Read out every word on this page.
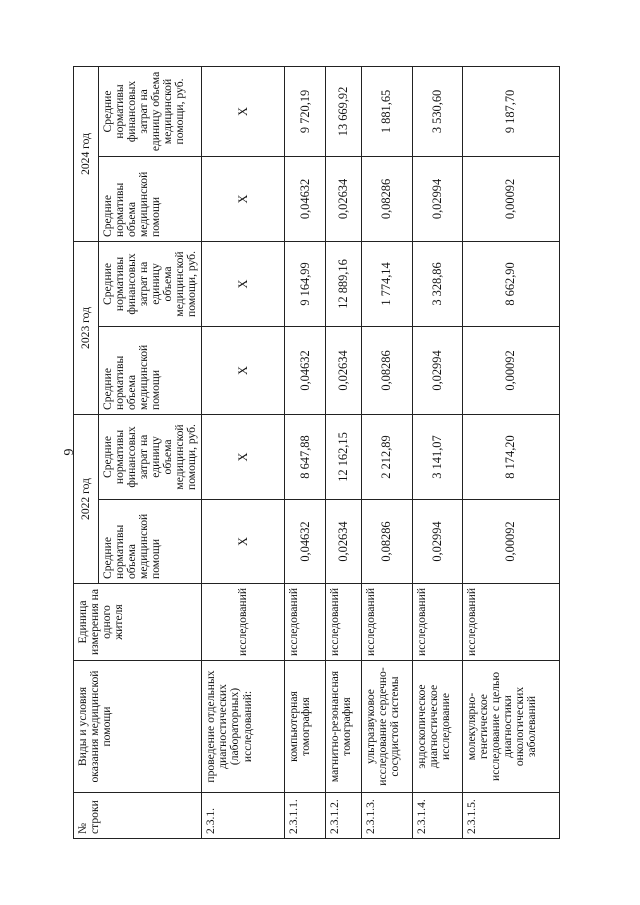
6
№ строки	Виды и условия оказания медицинской помощи	Единица измерения на одного жителя	2022 год		2023 год		2024 год	
			Средние нормативы объема медицинской помощи	Средние нормативы финансовых затрат на единицу объема медицинской помощи, руб.	Средние нормативы объема медицинской помощи	Средние нормативы финансовых затрат на единицу объема медицинской помощи, руб.	Средние нормативы объема медицинской помощи	Средние нормативы финансовых затрат на единицу объема медицинской помощи, руб.
2.3.1.	проведение отдельных диагностических (лабораторных) исследований:	исследований	Х	Х	Х	Х	Х	Х
2.3.1.1.	компьютерная томография	исследований	0,04632	8 647,88	0,04632	9 164,99	0,04632	9 720,19
2.3.1.2.	магнитно-резонансная томография	исследований	0,02634	12 162,15	0,02634	12 889,16	0,02634	13 669,92
2.3.1.3.	ультразвуковое исследование сердечно-сосудистой системы	исследований	0,08286	2 212,89	0,08286	1 774,14	0,08286	1 881,65
2.3.1.4.	эндоскопическое диагностическое исследование	исследований	0,02994	3 141,07	0,02994	3 328,86	0,02994	3 530,60
2.3.1.5.	молекулярно-генетическое исследование с целью диагностики онкологических заболеваний	исследований	0,00092	8 174,20	0,00092	8 662,90	0,00092	9 187,70
